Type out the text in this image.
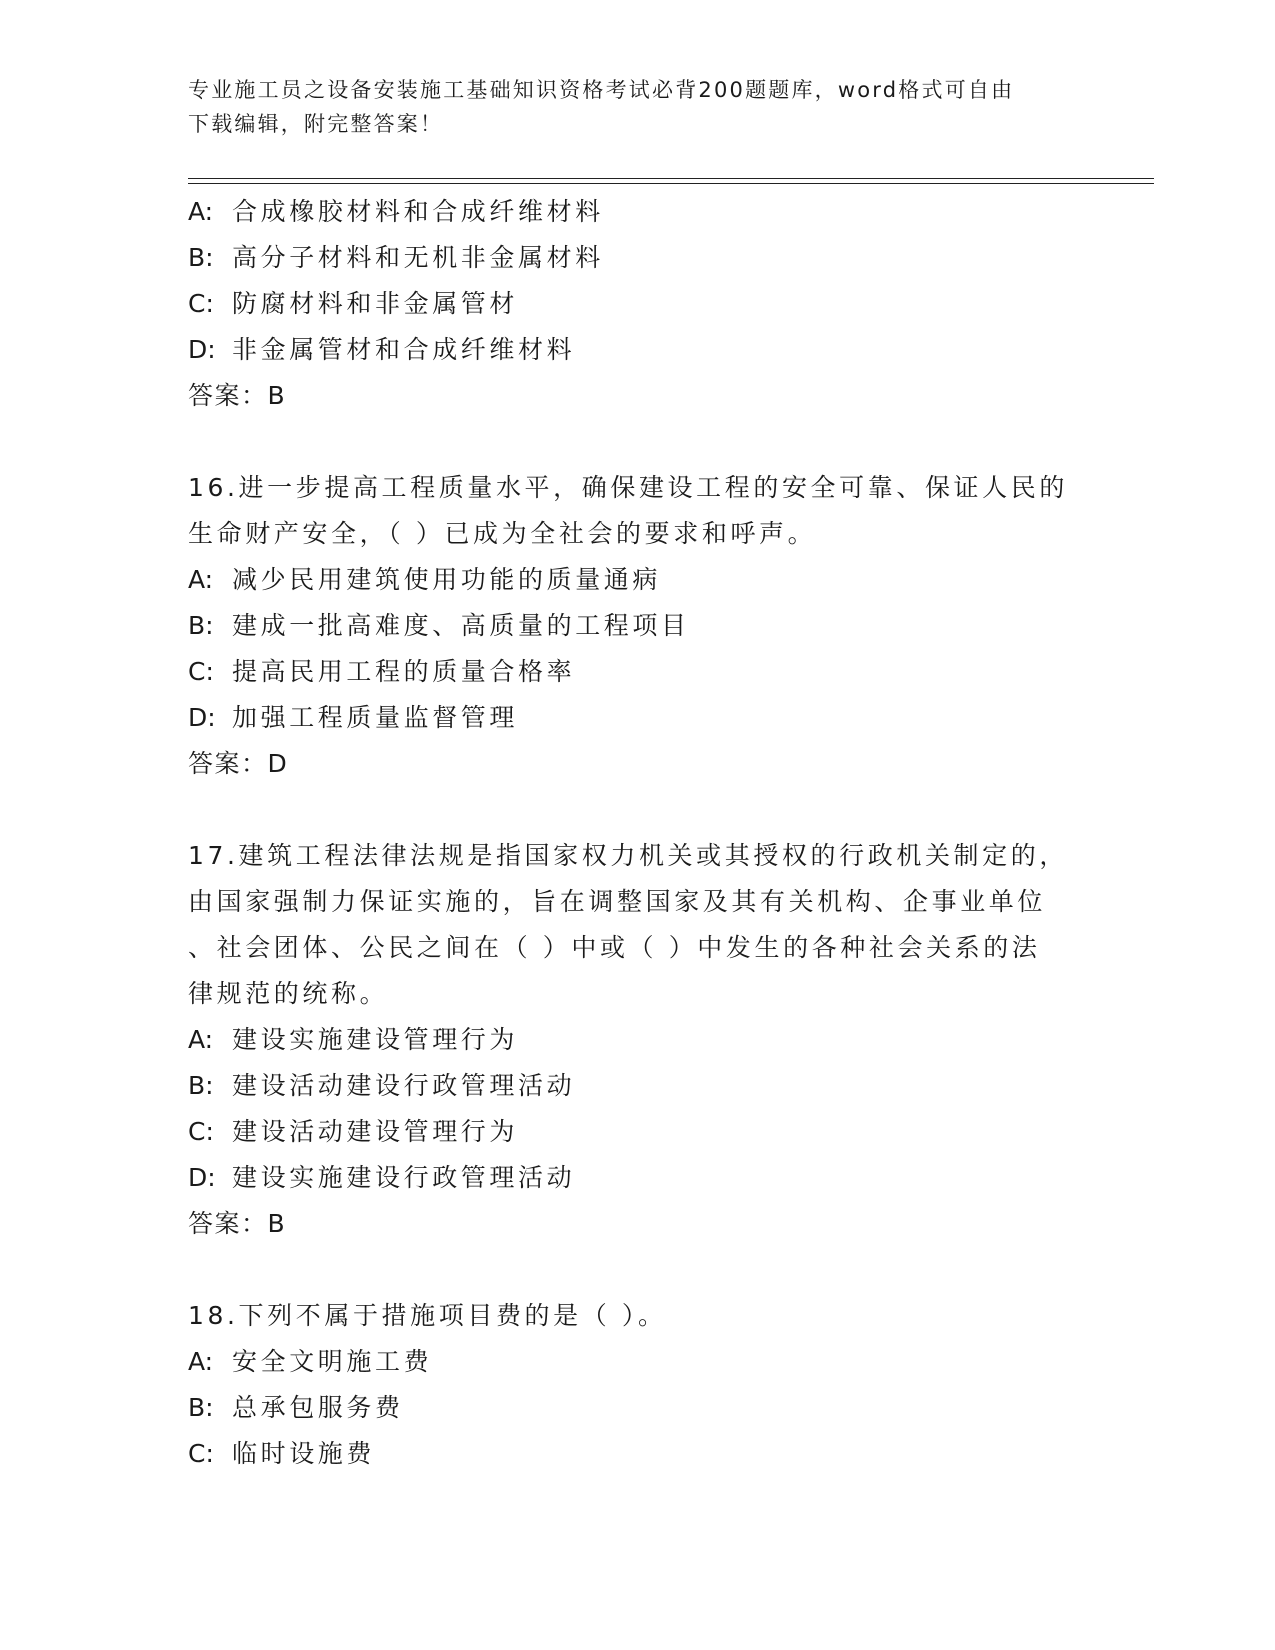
专业施工员之设备安装施工基础知识资格考试必背200题题库，word格式可自由
下载编辑，附完整答案！
A: 合成橡胶材料和合成纤维材料
B: 高分子材料和无机非金属材料
C: 防腐材料和非金属管材
D: 非金属管材和合成纤维材料
答案：B
16.进一步提高工程质量水平，确保建设工程的安全可靠、保证人民的
生命财产安全，（ ）已成为全社会的要求和呼声。
A: 减少民用建筑使用功能的质量通病
B: 建成一批高难度、高质量的工程项目
C: 提高民用工程的质量合格率
D: 加强工程质量监督管理
答案：D
17.建筑工程法律法规是指国家权力机关或其授权的行政机关制定的，
由国家强制力保证实施的，旨在调整国家及其有关机构、企事业单位
、社会团体、公民之间在（ ）中或（ ）中发生的各种社会关系的法
律规范的统称。
A: 建设实施建设管理行为
B: 建设活动建设行政管理活动
C: 建设活动建设管理行为
D: 建设实施建设行政管理活动
答案：B
18.下列不属于措施项目费的是（ ）。
A: 安全文明施工费
B: 总承包服务费
C: 临时设施费
